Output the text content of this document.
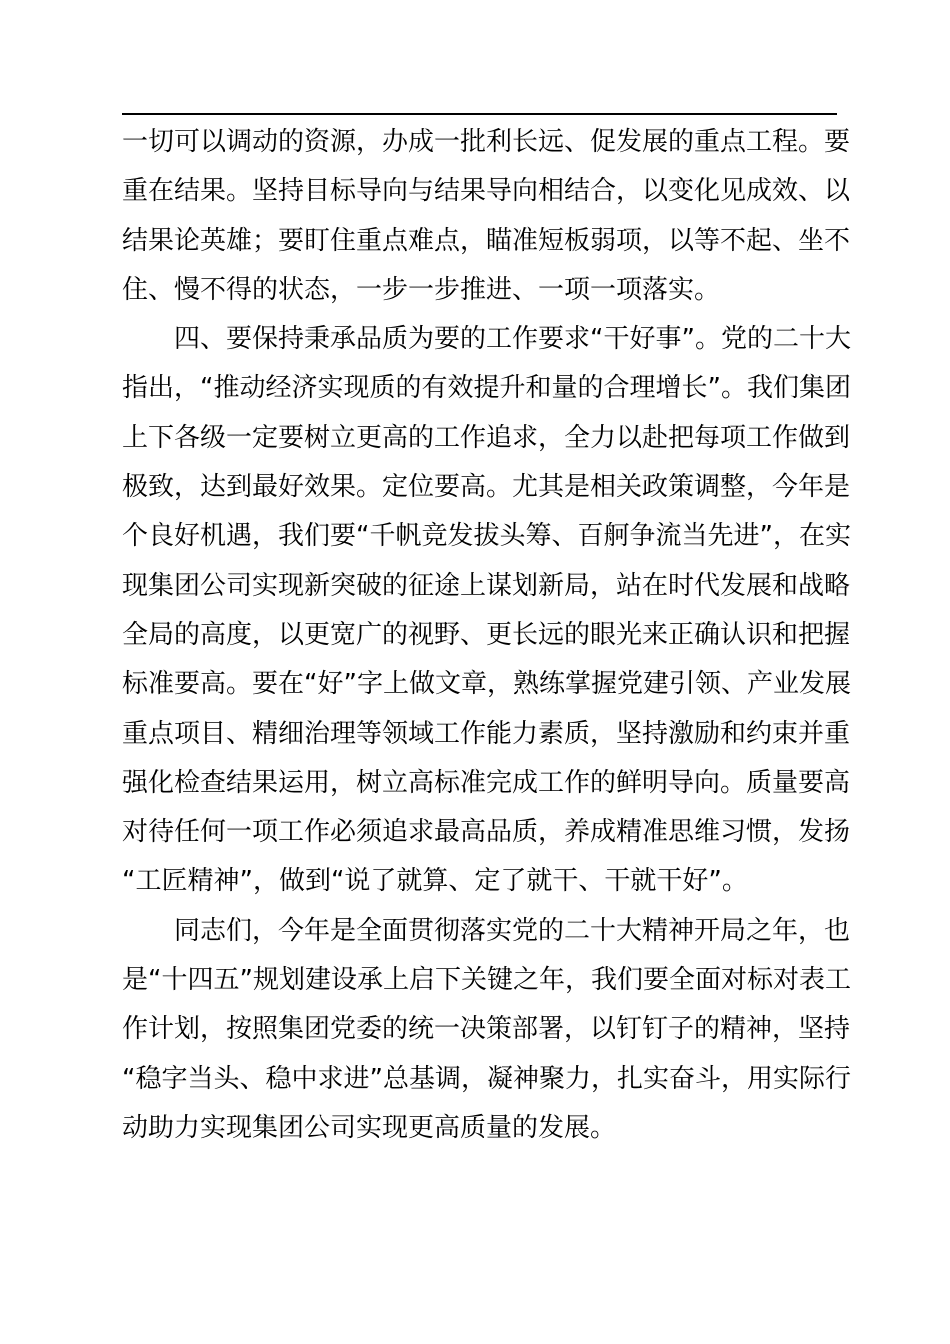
一切可以调动的资源，办成一批利长远、促发展的重点工程。要
重在结果。坚持目标导向与结果导向相结合，以变化见成效、以
结果论英雄；要盯住重点难点，瞄准短板弱项，以等不起、坐不
住、慢不得的状态，一步一步推进、一项一项落实。
四、要保持秉承品质为要的工作要求“干好事”。党的二十大
指出，“推动经济实现质的有效提升和量的合理增长”。我们集团
上下各级一定要树立更高的工作追求，全力以赴把每项工作做到
极致，达到最好效果。定位要高。尤其是相关政策调整，今年是
个良好机遇，我们要“千帆竞发拔头筹、百舸争流当先进”，在实
现集团公司实现新突破的征途上谋划新局，站在时代发展和战略
全局的高度，以更宽广的视野、更长远的眼光来正确认识和把握
标准要高。要在“好”字上做文章，熟练掌握党建引领、产业发展
重点项目、精细治理等领域工作能力素质，坚持激励和约束并重
强化检查结果运用，树立高标准完成工作的鲜明导向。质量要高
对待任何一项工作必须追求最高品质，养成精准思维习惯，发扬
“工匠精神”，做到“说了就算、定了就干、干就干好”。
同志们，今年是全面贯彻落实党的二十大精神开局之年，也
是“十四五”规划建设承上启下关键之年，我们要全面对标对表工
作计划，按照集团党委的统一决策部署，以钉钉子的精神，坚持
“稳字当头、稳中求进”总基调，凝神聚力，扎实奋斗，用实际行
动助力实现集团公司实现更高质量的发展。
